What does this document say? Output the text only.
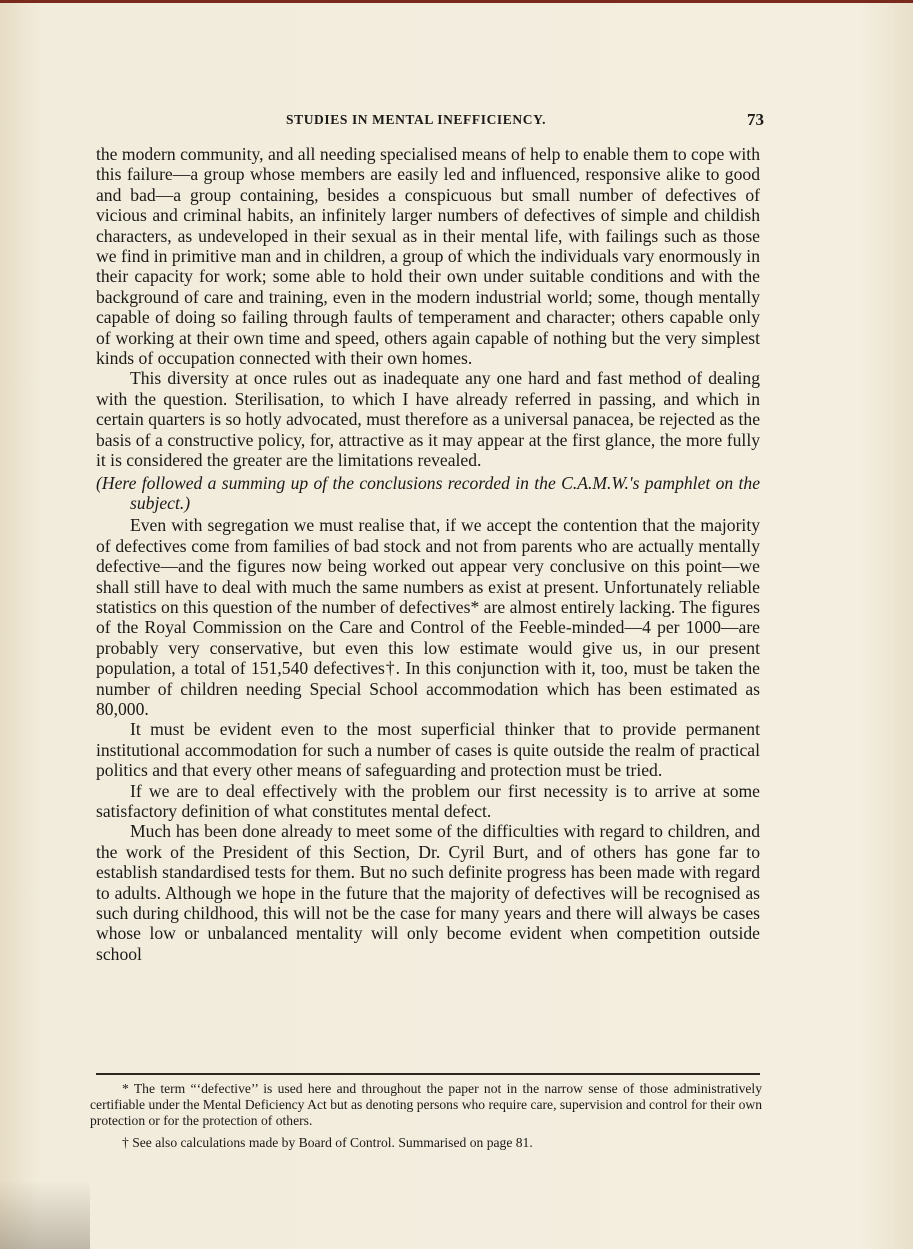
STUDIES IN MENTAL INEFFICIENCY.	73

the modern community, and all needing specialised means of help to enable them to cope with this failure—a group whose members are easily led and influenced, responsive alike to good and bad—a group containing, besides a conspicuous but small number of defectives of vicious and criminal habits, an infinitely larger numbers of defectives of simple and childish characters, as undeveloped in their sexual as in their mental life, with failings such as those we find in primitive man and in children, a group of which the individuals vary enormously in their capacity for work; some able to hold their own under suitable conditions and with the background of care and training, even in the modern industrial world; some, though mentally capable of doing so failing through faults of temperament and character; others capable only of working at their own time and speed, others again capable of nothing but the very simplest kinds of occupation connected with their own homes.

This diversity at once rules out as inadequate any one hard and fast method of dealing with the question. Sterilisation, to which I have already referred in passing, and which in certain quarters is so hotly advocated, must therefore as a universal panacea, be rejected as the basis of a constructive policy, for, attractive as it may appear at the first glance, the more fully it is considered the greater are the limitations revealed.

(Here followed a summing up of the conclusions recorded in the C.A.M.W.'s pamphlet on the subject.)

Even with segregation we must realise that, if we accept the contention that the majority of defectives come from families of bad stock and not from parents who are actually mentally defective—and the figures now being worked out appear very conclusive on this point—we shall still have to deal with much the same numbers as exist at present. Unfortunately reliable statistics on this question of the number of defectives* are almost entirely lacking. The figures of the Royal Commission on the Care and Control of the Feeble-minded—4 per 1000—are probably very conservative, but even this low estimate would give us, in our present population, a total of 151,540 defectives†. In this conjunction with it, too, must be taken the number of children needing Special School accommodation which has been estimated as 80,000.

It must be evident even to the most superficial thinker that to provide permanent institutional accommodation for such a number of cases is quite outside the realm of practical politics and that every other means of safeguarding and protection must be tried.

If we are to deal effectively with the problem our first necessity is to arrive at some satisfactory definition of what constitutes mental defect.

Much has been done already to meet some of the difficulties with regard to children, and the work of the President of this Section, Dr. Cyril Burt, and of others has gone far to establish standardised tests for them. But no such definite progress has been made with regard to adults. Although we hope in the future that the majority of defectives will be recognised as such during childhood, this will not be the case for many years and there will always be cases whose low or unbalanced mentality will only become evident when competition outside school

* The term “‘defective’’ is used here and throughout the paper not in the narrow sense of those administratively certifiable under the Mental Deficiency Act but as denoting persons who require care, supervision and control for their own protection or for the protection of others.

† See also calculations made by Board of Control. Summarised on page 81.
